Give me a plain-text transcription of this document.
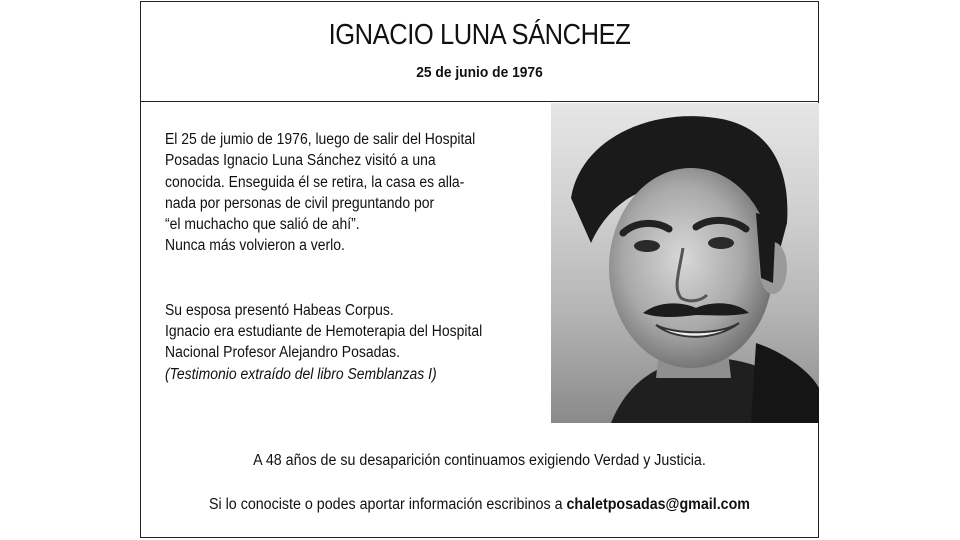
IGNACIO LUNA SÁNCHEZ
25 de junio de 1976

El 25 de jumio de 1976, luego de salir del Hospital

Posadas Ignacio Luna Sánchez visitó a una

conocida. Enseguida él se retira, la casa es alla-

nada por personas de civil preguntando por

“el muchacho que salió de ahí”.

Nunca más volvieron a verlo.

Su esposa presentó Habeas Corpus.

Ignacio era estudiante de Hemoterapia del Hospital

Nacional Profesor Alejandro Posadas.

(Testimonio extraído del libro Semblanzas I)

A 48 años de su desaparición continuamos exigiendo Verdad y Justicia.
Si lo conociste o podes aportar información escribinos a chaletposadas@gmail.com
